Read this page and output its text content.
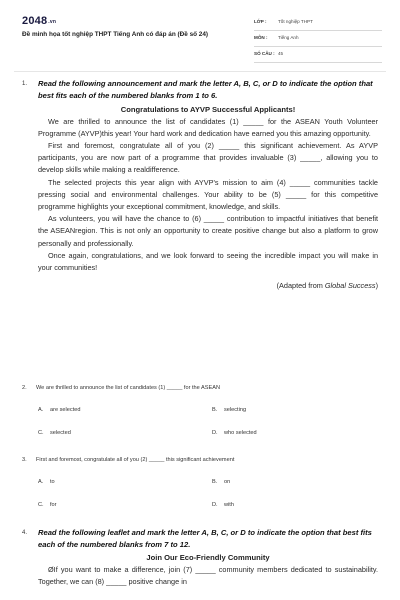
2048.vn
Đề minh họa tốt nghiệp THPT Tiếng Anh có đáp án (Đề số 24)
LỚP : Tốt nghiệp THPT
MÔN : Tiếng Anh
SỐ CÂU : 45
1. Read the following announcement and mark the letter A, B, C, or D to indicate the option that best fits each of the numbered blanks from 1 to 6.
Congratulations to AYVP Successful Applicants!

We are thrilled to announce the list of candidates (1) _____ for the ASEAN Youth Volunteer Programme (AYVP)this year! Your hard work and dedication have earned you this amazing opportunity.

First and foremost, congratulate all of you (2) _____ this significant achievement. As AYVP participants, you are now part of a programme that provides invaluable (3) _____, allowing you to develop skills while making a realdifference.

The selected projects this year align with AYVP's mission to aim (4) _____ communities tackle pressing social and environmental challenges. Your ability to be (5) _____ for this competitive programme highlights your exceptional commitment, knowledge, and skills.

As volunteers, you will have the chance to (6) _____ contribution to impactful initiatives that benefit the ASEANregion. This is not only an opportunity to create positive change but also a platform to grow personally and professionally.

Once again, congratulations, and we look forward to seeing the incredible impact you will make in your communities!

(Adapted from Global Success)
2. We are thrilled to announce the list of candidates (1) _____ for the ASEAN
A. are selected	B. selecting
C. selected	D. who selected
3. First and foremost, congratulate all of you (2) _____ this significant achievement
A. to	B. on
C. for	D. with
4. Read the following leaflet and mark the letter A, B, C, or D to indicate the option that best fits each of the numbered blanks from 7 to 12.
Join Our Eco-Friendly Community

ØIf you want to make a difference, join (7) _____ community members dedicated to sustainability. Together, we can (8) _____ positive change in
